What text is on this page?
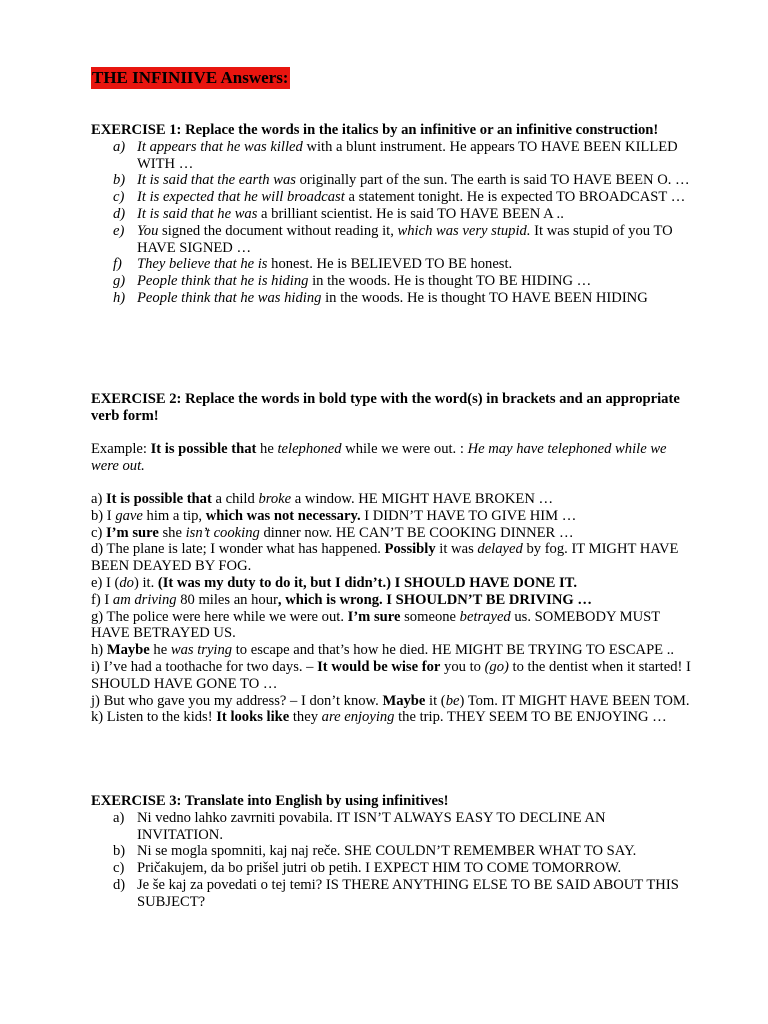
THE INFINIIVE Answers:

EXERCISE 1: Replace the words in the italics by an infinitive or an infinitive construction!

a) It appears that he was killed with a blunt instrument. He appears TO HAVE BEEN KILLED WITH …
b) It is said that the earth was originally part of the sun. The earth is said TO HAVE BEEN O. …
c) It is expected that he will broadcast a statement tonight. He is expected TO BROADCAST …
d) It is said that he was a brilliant scientist. He is said TO HAVE BEEN A ..
e) You signed the document without reading it, which was very stupid. It was stupid of you TO HAVE SIGNED …
f) They believe that he is honest. He is BELIEVED TO BE honest.
g) People think that he is hiding in the woods. He is thought TO BE HIDING …
h) People think that he was hiding in the woods. He is thought TO HAVE BEEN HIDING

EXERCISE 2: Replace the words in bold type with the word(s) in brackets and an appropriate verb form!

Example: It is possible that he telephoned while we were out. : He may have telephoned while we were out.

a) It is possible that a child broke a window. HE MIGHT HAVE BROKEN …

b) I gave him a tip, which was not necessary. I DIDN’T HAVE TO GIVE HIM …

c) I’m sure she isn’t cooking dinner now. HE CAN’T BE COOKING DINNER …

d) The plane is late; I wonder what has happened. Possibly it was delayed by fog. IT MIGHT HAVE BEEN DEAYED BY FOG.

e) I (do) it. (It was my duty to do it, but I didn’t.) I SHOULD HAVE DONE IT.

f) I am driving 80 miles an hour, which is wrong. I SHOULDN’T BE DRIVING …

g) The police were here while we were out. I’m sure someone betrayed us. SOMEBODY MUST HAVE BETRAYED US.

h) Maybe he was trying to escape and that’s how he died. HE MIGHT BE TRYING TO ESCAPE ..

i) I’ve had a toothache for two days. – It would be wise for you to (go) to the dentist when it started! I SHOULD HAVE GONE TO …

j) But who gave you my address? – I don’t know. Maybe it (be) Tom. IT MIGHT HAVE BEEN TOM.

k) Listen to the kids! It looks like they are enjoying the trip. THEY SEEM TO BE ENJOYING …

EXERCISE 3: Translate into English by using infinitives!

a) Ni vedno lahko zavrniti povabila. IT ISN’T ALWAYS EASY TO DECLINE AN INVITATION.
b) Ni se mogla spomniti, kaj naj reče. SHE COULDN’T REMEMBER WHAT TO SAY.
c) Pričakujem, da bo prišel jutri ob petih. I EXPECT HIM TO COME TOMORROW.
d) Je še kaj za povedati o tej temi? IS THERE ANYTHING ELSE TO BE SAID ABOUT THIS SUBJECT?
